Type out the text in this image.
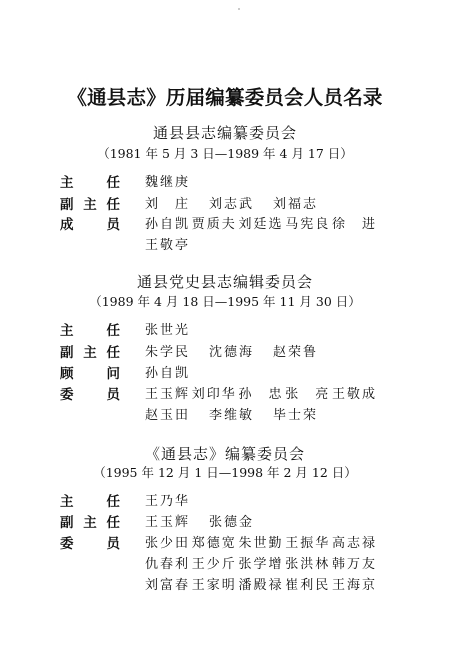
《通县志》历届编纂委员会人员名录
通县县志编纂委员会
（1981 年 5 月 3 日—1989 年 4 月 17 日）
主 任 魏继庚
副 主 任 刘　庄 刘志武 刘福志
成 员 孙自凯 贾质夫 刘廷选 马宪良 徐　进
王敬亭
通县党史县志编辑委员会
（1989 年 4 月 18 日—1995 年 11 月 30 日）
主 任 张世光
副 主 任 朱学民 沈德海 赵荣鲁
顾 问 孙自凯
委 员 王玉辉 刘印华 孙　忠 张　亮 王敬成
赵玉田 李维敏 毕士荣
《通县志》编纂委员会
（1995 年 12 月 1 日—1998 年 2 月 12 日）
主 任 王乃华
副 主 任 王玉辉 张德金
委 员 张少田 郑德宽 朱世勤 王振华 高志禄
仇春利 王少斤 张学增 张洪林 韩万友
刘富春 王家明 潘殿禄 崔利民 王海京
